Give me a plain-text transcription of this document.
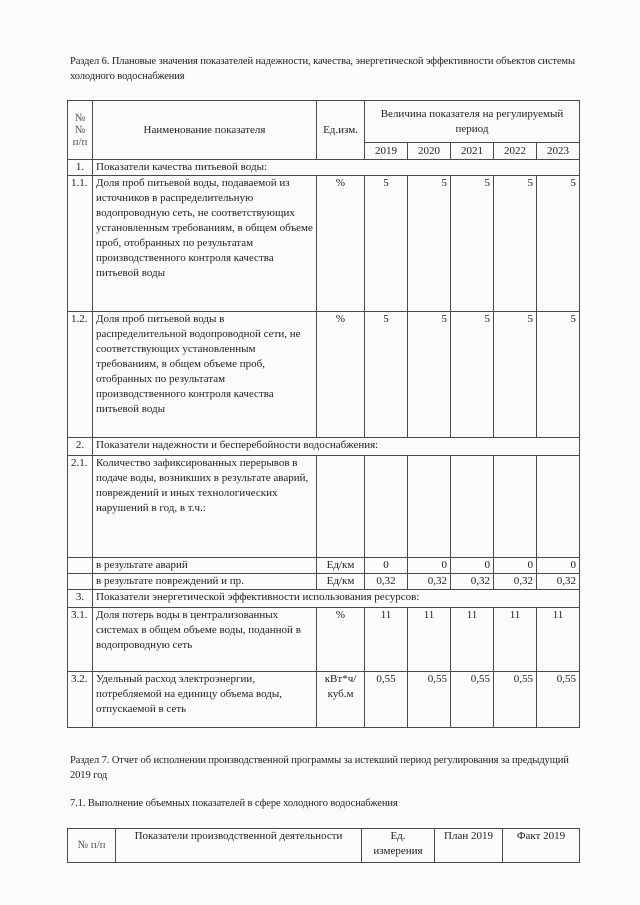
Раздел 6. Плановые значения показателей надежности, качества, энергетической эффективности объектов системы холодного водоснабжения
№ № п/п	Наименование показателя	Ед.изм.	Величина показателя на регулируемый период				
			2019	2020	2021	2022	2023
1.	Показатели качества питьевой воды:						
1.1.	Доля проб питьевой воды, подаваемой из источников в распределительную водопроводную сеть, не соответствующих установленным требованиям, в общем объеме проб, отобранных по результатам производственного контроля качества питьевой воды	%	5	5	5	5	5
1.2.	Доля проб питьевой воды в распределительной водопроводной сети, не соответствующих установленным требованиям, в общем объеме проб, отобранных по результатам производственного контроля качества питьевой воды	%	5	5	5	5	5
2.	Показатели надежности и бесперебойности водоснабжения:						
2.1.	Количество зафиксированных перерывов в подаче воды, возникших в результате аварий, повреждений и иных технологических нарушений в год, в т.ч.:						
	в результате аварий	Ед/км	0	0	0	0	0
	в результате повреждений и пр.	Ед/км	0,32	0,32	0,32	0,32	0,32
3.	Показатели энергетической эффективности использования ресурсов:						
3.1.	Доля потерь воды в централизованных системах в общем объеме воды, поданной в водопроводную сеть	%	11	11	11	11	11
3.2.	Удельный расход электроэнергии, потребляемой на единицу объема воды, отпускаемой в сеть	кВт*ч/куб.м	0,55	0,55	0,55	0,55	0,55
Раздел 7. Отчет об исполнении производственной программы за истекший период регулирования за предыдущий 2019 год
7.1. Выполнение объемных показателей в сфере холодного водоснабжения
№ п/п	Показатели производственной деятельности	Ед. измерения	План 2019	Факт 2019
